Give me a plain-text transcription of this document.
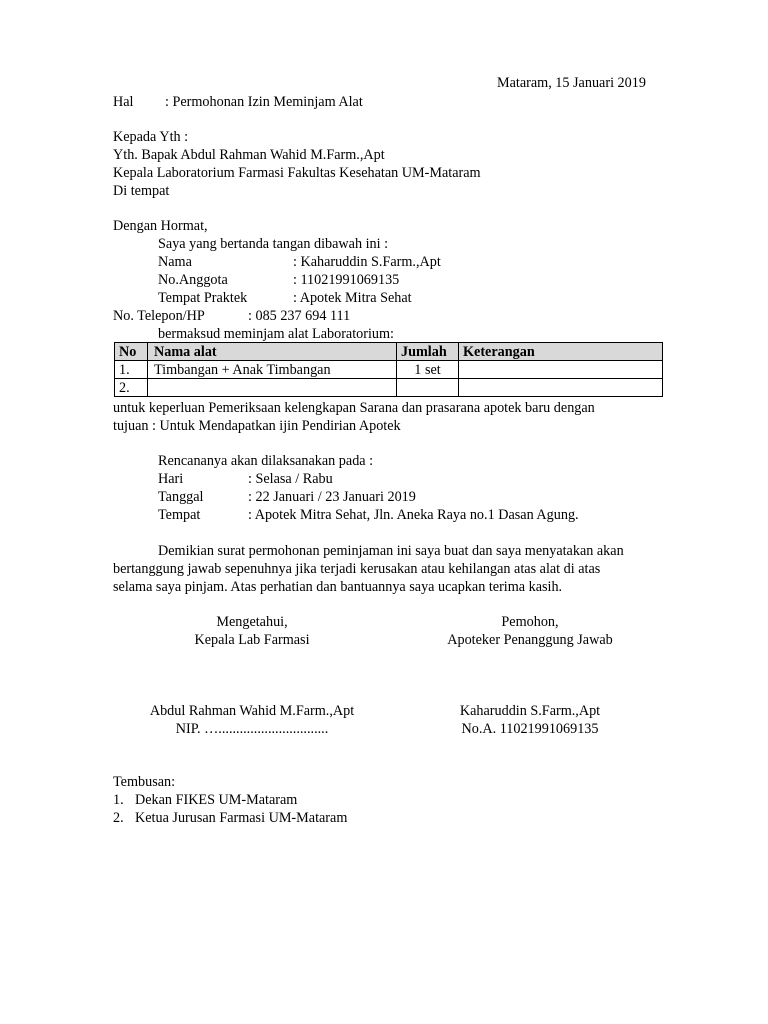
Mataram, 15 Januari 2019
Hal : Permohonan Izin Meminjam Alat
Kepada Yth :
Yth. Bapak Abdul Rahman Wahid M.Farm.,Apt
Kepala Laboratorium Farmasi Fakultas Kesehatan UM-Mataram
Di tempat
Dengan Hormat,
Saya yang bertanda tangan dibawah ini :
Nama	: Kaharuddin S.Farm.,Apt
No.Anggota	: 11021991069135
Tempat Praktek	: Apotek Mitra Sehat
No. Telepon/HP	: 085 237 694 111
bermaksud meminjam alat Laboratorium:
No	Nama alat	Jumlah	Keterangan
1.	Timbangan + Anak Timbangan	1 set	
2.			
untuk keperluan Pemeriksaan kelengkapan Sarana dan prasarana apotek baru dengan
tujuan : Untuk Mendapatkan ijin Pendirian Apotek
Rencananya akan dilaksanakan pada :
Hari	: Selasa / Rabu
Tanggal	: 22 Januari / 23 Januari 2019
Tempat	: Apotek Mitra Sehat, Jln. Aneka Raya no.1 Dasan Agung.
Demikian surat permohonan peminjaman ini saya buat dan saya menyatakan akan
bertanggung jawab sepenuhnya jika terjadi kerusakan atau kehilangan atas alat di atas
selama saya pinjam. Atas perhatian dan bantuannya saya ucapkan terima kasih.
Mengetahui,
Kepala Lab Farmasi
Abdul Rahman Wahid M.Farm.,Apt
NIP. …...............................
Pemohon,
Apoteker Penanggung Jawab
Kaharuddin S.Farm.,Apt
No.A. 11021991069135
Tembusan:
1. Dekan FIKES UM-Mataram
2. Ketua Jurusan Farmasi UM-Mataram
